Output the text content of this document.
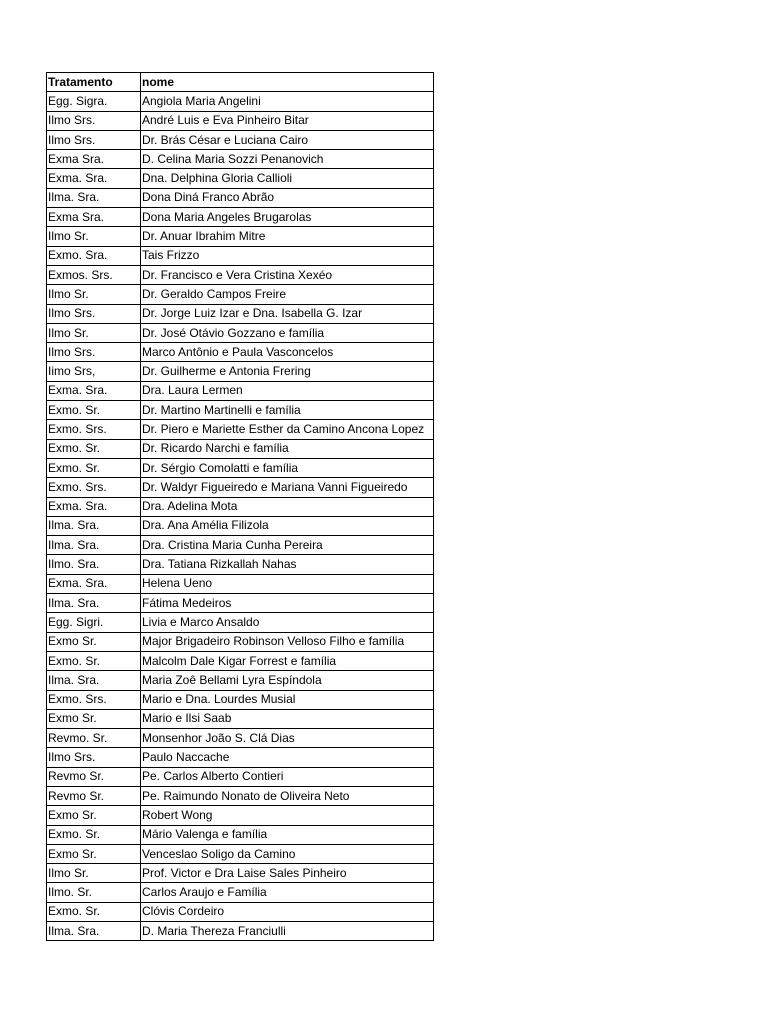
Tratamento	nome
Egg. Sigra.	Angiola Maria Angelini
Ilmo Srs.	André Luis e Eva Pinheiro Bitar
Ilmo Srs.	Dr. Brás César e Luciana Cairo
Exma Sra.	D. Celina Maria Sozzi Penanovich
Exma. Sra.	Dna. Delphina Gloria Callioli
Ilma. Sra.	Dona Diná Franco Abrão
Exma Sra.	Dona Maria Angeles Brugarolas
Ilmo Sr.	Dr. Anuar Ibrahim Mitre
Exmo. Sra.	Tais Frizzo
Exmos. Srs.	Dr. Francisco e Vera Cristina Xexéo
Ilmo Sr.	Dr. Geraldo Campos Freire
Ilmo Srs.	Dr. Jorge Luiz Izar e Dna. Isabella G. Izar
Ilmo Sr.	Dr. José Otávio Gozzano e família
Ilmo Srs.	Marco Antônio e Paula Vasconcelos
Iimo Srs,	Dr. Guilherme e Antonia Frering
Exma. Sra.	Dra. Laura Lermen
Exmo. Sr.	Dr. Martino Martinelli e família
Exmo. Srs.	Dr. Piero e Mariette Esther da Camino Ancona Lopez
Exmo. Sr.	Dr. Ricardo Narchi e família
Exmo. Sr.	Dr. Sérgio Comolatti e família
Exmo. Srs.	Dr. Waldyr Figueiredo e Mariana Vanni Figueiredo
Exma. Sra.	Dra. Adelina Mota
Ilma. Sra.	Dra. Ana Amélia Filizola
Ilma. Sra.	Dra. Cristina Maria Cunha Pereira
Ilmo. Sra.	Dra. Tatiana Rizkallah Nahas
Exma. Sra.	Helena Ueno
Ilma. Sra.	Fátima Medeiros
Egg. Sigri.	Livia e Marco Ansaldo
Exmo Sr.	Major Brigadeiro Robinson Velloso Filho e família
Exmo. Sr.	Malcolm Dale Kigar Forrest e família
Ilma. Sra.	Maria Zoê Bellami Lyra Espíndola
Exmo. Srs.	Mario e Dna. Lourdes Musial
Exmo Sr.	Mario e Ilsi Saab
Revmo. Sr.	Monsenhor João S. Clá Dias
Ilmo Srs.	Paulo Naccache
Revmo Sr.	Pe. Carlos Alberto Contieri
Revmo Sr.	Pe. Raimundo Nonato de Oliveira Neto
Exmo Sr.	Robert Wong
Exmo. Sr.	Mário Valenga e família
Exmo Sr.	Venceslao Soligo da Camino
Ilmo Sr.	Prof. Victor e Dra Laise Sales Pinheiro
Ilmo. Sr.	Carlos Araujo e Família
Exmo. Sr.	Clóvis Cordeiro
Ilma. Sra.	D. Maria Thereza Franciulli
